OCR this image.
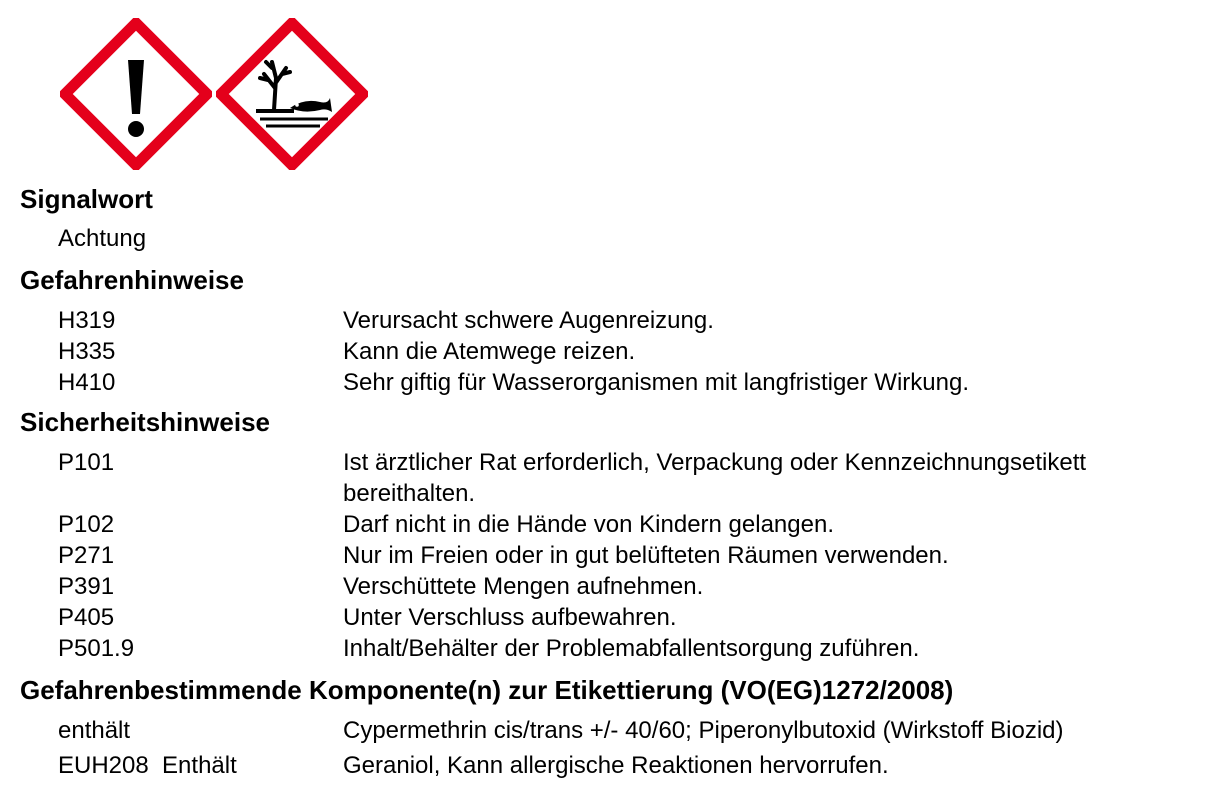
Signalwort
Achtung
Gefahrenhinweise
H319	Verursacht schwere Augenreizung.
H335	Kann die Atemwege reizen.
H410	Sehr giftig für Wasserorganismen mit langfristiger Wirkung.
Sicherheitshinweise
P101	Ist ärztlicher Rat erforderlich, Verpackung oder Kennzeichnungsetikett bereithalten.
P102	Darf nicht in die Hände von Kindern gelangen.
P271	Nur im Freien oder in gut belüfteten Räumen verwenden.
P391	Verschüttete Mengen aufnehmen.
P405	Unter Verschluss aufbewahren.
P501.9	Inhalt/Behälter der Problemabfallentsorgung zuführen.
Gefahrenbestimmende Komponente(n) zur Etikettierung (VO(EG)1272/2008)
enthält	Cypermethrin cis/trans +/- 40/60; Piperonylbutoxid (Wirkstoff Biozid)
EUH208  Enthält	Geraniol, Kann allergische Reaktionen hervorrufen.
